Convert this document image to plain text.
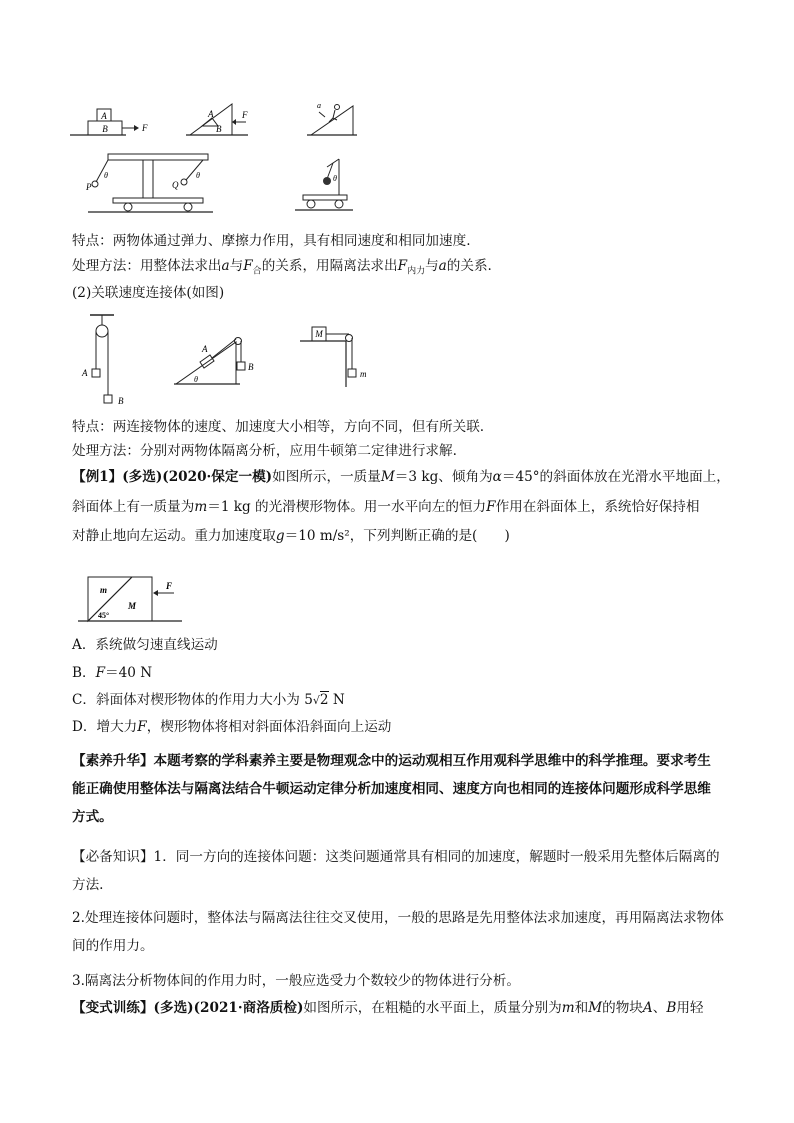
A
B	F
A
B
F
a
P
θ
Q
θ	θ
特点：两物体通过弹力、摩擦力作用，具有相同速度和相同加速度.
处理方法：用整体法求出a与$F_合$的关系，用隔离法求出$F_{内力}$与a的关系.
(2)关联速度连接体(如图)
A
B
A
B
θ
M
m
特点：两连接物体的速度、加速度大小相等，方向不同，但有所关联.
处理方法：分别对两物体隔离分析，应用牛顿第二定律进行求解.
【例1】(多选)(2020·保定一模)如图所示，一质量M＝3 kg、倾角为α＝45°的斜面体放在光滑水平地面上，
斜面体上有一质量为m＝1 kg 的光滑楔形物体。用一水平向左的恒力F作用在斜面体上，系统恰好保持相
对静止地向左运动。重力加速度取g＝10 m/s²，下列判断正确的是(　　)
m
M
45°
F
A．系统做匀速直线运动
B．F＝40 N
C．斜面体对楔形物体的作用力大小为 5√2 N
D．增大力F，楔形物体将相对斜面体沿斜面向上运动
【素养升华】本题考察的学科素养主要是物理观念中的运动观相互作用观科学思维中的科学推理。要求考生能正确使用整体法与隔离法结合牛顿运动定律分析加速度相同、速度方向也相同的连接体问题形成科学思维方式。
【必备知识】1．同一方向的连接体问题：这类问题通常具有相同的加速度，解题时一般采用先整体后隔离的方法.
2.处理连接体问题时，整体法与隔离法往往交叉使用，一般的思路是先用整体法求加速度，再用隔离法求物体间的作用力。
3.隔离法分析物体间的作用力时，一般应选受力个数较少的物体进行分析。
【变式训练】(多选)(2021·商洛质检)如图所示，在粗糙的水平面上，质量分别为m和M的物块A、B用轻
